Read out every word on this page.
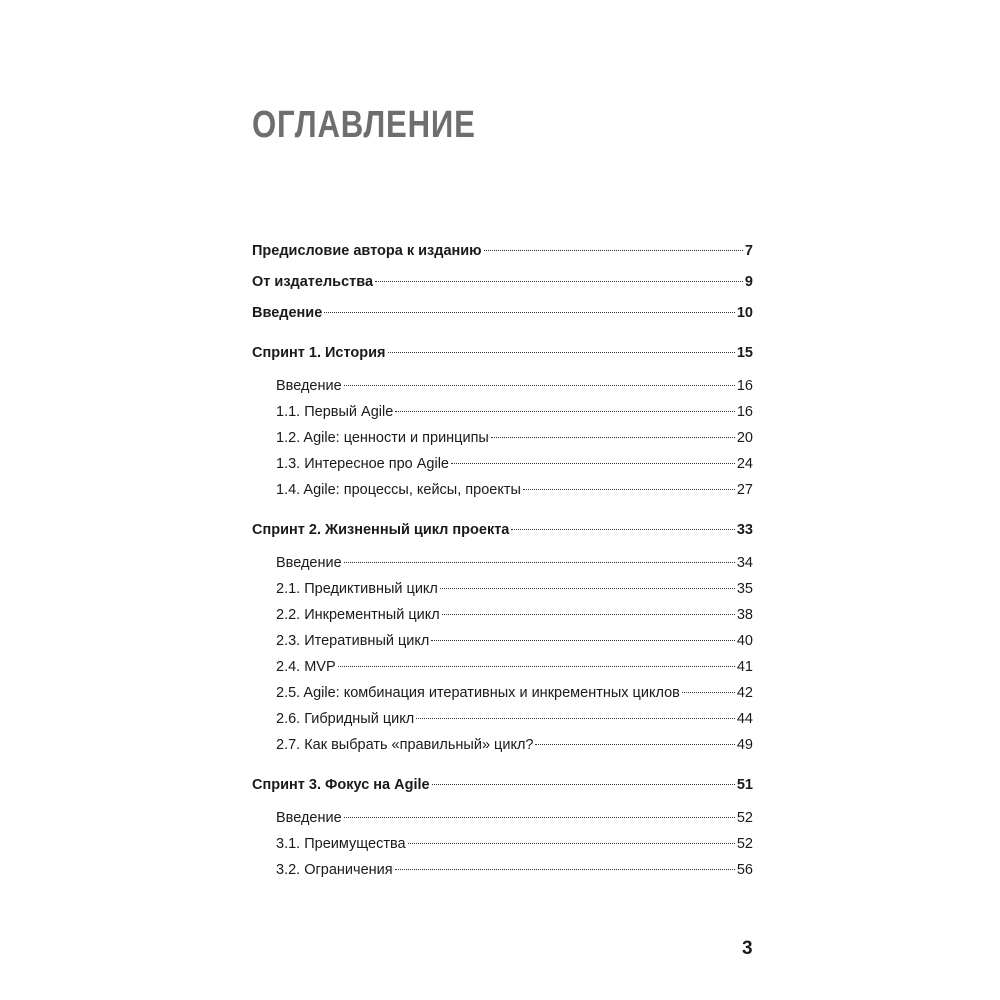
ОГЛАВЛЕНИЕ
Предисловие автора к изданию	7
От издательства	9
Введение	10
Спринт 1. История	15
Введение	16
1.1. Первый Agile	16
1.2. Agile: ценности и принципы	20
1.3. Интересное про Agile	24
1.4. Agile: процессы, кейсы, проекты	27
Спринт 2. Жизненный цикл проекта	33
Введение	34
2.1. Предиктивный цикл	35
2.2. Инкрементный цикл	38
2.3. Итеративный цикл	40
2.4. MVP	41
2.5. Agile: комбинация итеративных и инкрементных циклов	42
2.6. Гибридный цикл	44
2.7. Как выбрать «правильный» цикл?	49
Спринт 3. Фокус на Agile	51
Введение	52
3.1. Преимущества	52
3.2. Ограничения	56
3
